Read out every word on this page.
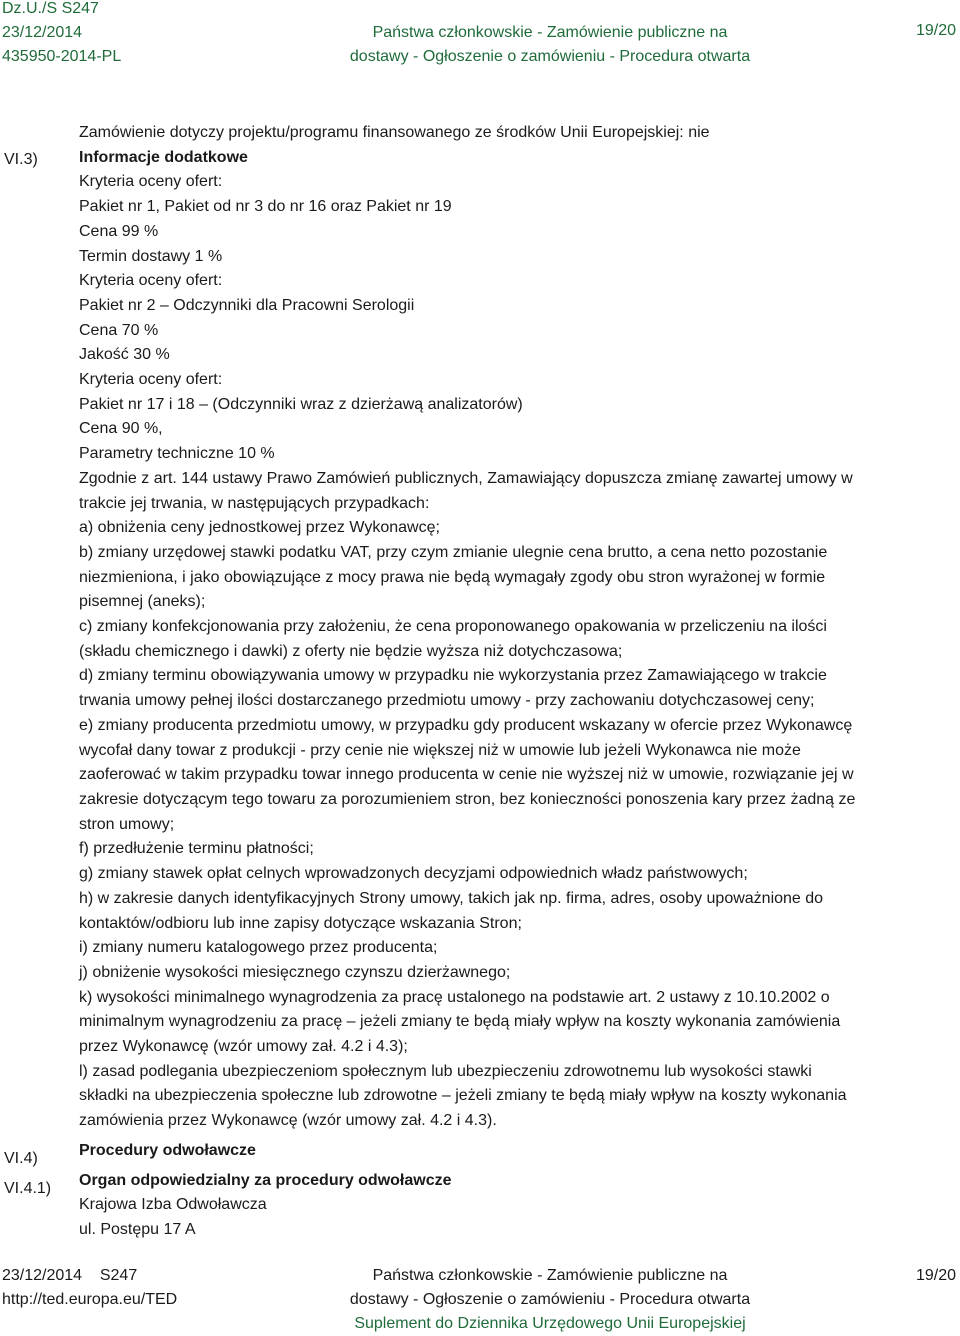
Dz.U./S S247
23/12/2014
435950-2014-PL

Państwa członkowskie - Zamówienie publiczne na
dostawy - Ogłoszenie o zamówieniu - Procedura otwarta
19/20
VI.3)
VI.4)
VI.4.1)

Zamówienie dotyczy projektu/programu finansowanego ze środków Unii Europejskiej: nie

Informacje dodatkowe

Kryteria oceny ofert:

Pakiet nr 1, Pakiet od nr 3 do nr 16 oraz Pakiet nr 19

Cena 99 %

Termin dostawy 1 %

Kryteria oceny ofert:

Pakiet nr 2 – Odczynniki dla Pracowni Serologii

Cena 70 %

Jakość 30 %

Kryteria oceny ofert:

Pakiet nr 17 i 18 – (Odczynniki wraz z dzierżawą analizatorów)

Cena 90 %,

Parametry techniczne 10 %

Zgodnie z art. 144 ustawy Prawo Zamówień publicznych, Zamawiający dopuszcza zmianę zawartej umowy w

trakcie jej trwania, w następujących przypadkach:

a) obniżenia ceny jednostkowej przez Wykonawcę;

b) zmiany urzędowej stawki podatku VAT, przy czym zmianie ulegnie cena brutto, a cena netto pozostanie

niezmieniona, i jako obowiązujące z mocy prawa nie będą wymagały zgody obu stron wyrażonej w formie

pisemnej (aneks);

c) zmiany konfekcjonowania przy założeniu, że cena proponowanego opakowania w przeliczeniu na ilości

(składu chemicznego i dawki) z oferty nie będzie wyższa niż dotychczasowa;

d) zmiany terminu obowiązywania umowy w przypadku nie wykorzystania przez Zamawiającego w trakcie

trwania umowy pełnej ilości dostarczanego przedmiotu umowy - przy zachowaniu dotychczasowej ceny;

e) zmiany producenta przedmiotu umowy, w przypadku gdy producent wskazany w ofercie przez Wykonawcę

wycofał dany towar z produkcji - przy cenie nie większej niż w umowie lub jeżeli Wykonawca nie może

zaoferować w takim przypadku towar innego producenta w cenie nie wyższej niż w umowie, rozwiązanie jej w

zakresie dotyczącym tego towaru za porozumieniem stron, bez konieczności ponoszenia kary przez żadną ze

stron umowy;

f) przedłużenie terminu płatności;

g) zmiany stawek opłat celnych wprowadzonych decyzjami odpowiednich władz państwowych;

h) w zakresie danych identyfikacyjnych Strony umowy, takich jak np. firma, adres, osoby upoważnione do

kontaktów/odbioru lub inne zapisy dotyczące wskazania Stron;

i) zmiany numeru katalogowego przez producenta;

j) obniżenie wysokości miesięcznego czynszu dzierżawnego;

k) wysokości minimalnego wynagrodzenia za pracę ustalonego na podstawie art. 2 ustawy z 10.10.2002 o

minimalnym wynagrodzeniu za pracę – jeżeli zmiany te będą miały wpływ na koszty wykonania zamówienia

przez Wykonawcę (wzór umowy zał. 4.2 i 4.3);

l) zasad podlegania ubezpieczeniom społecznym lub ubezpieczeniu zdrowotnemu lub wysokości stawki

składki na ubezpieczenia społeczne lub zdrowotne – jeżeli zmiany te będą miały wpływ na koszty wykonania

zamówienia przez Wykonawcę (wzór umowy zał. 4.2 i 4.3).

Procedury odwoławcze

Organ odpowiedzialny za procedury odwoławcze

Krajowa Izba Odwoławcza

ul. Postępu 17 A

23/12/2014 S247
http://ted.europa.eu/TED
Państwa członkowskie - Zamówienie publiczne na
dostawy - Ogłoszenie o zamówieniu - Procedura otwarta
Suplement do Dziennika Urzędowego Unii Europejskiej
19/20
